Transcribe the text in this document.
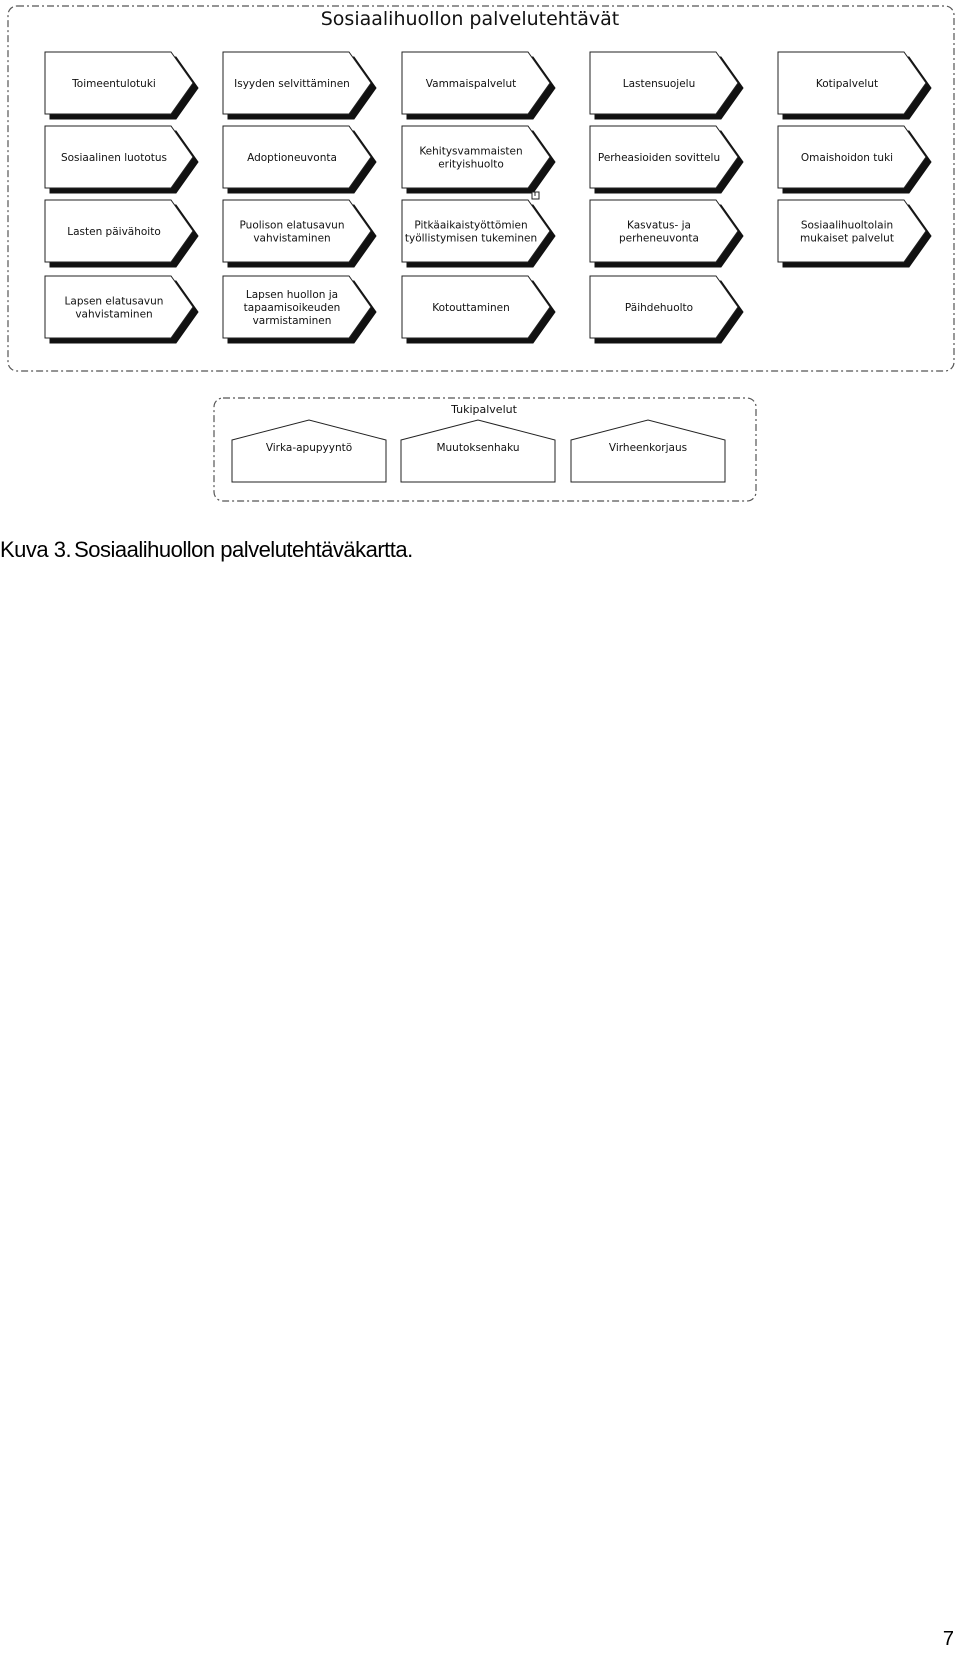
Sosiaalihuollon palvelutehtävät
Toimeentulotuki	Isyyden selvittäminen	Vammaispalvelut	Lastensuojelu	Kotipalvelut
Sosiaalinen luototus	Adoptioneuvonta
Kehitysvammaisten
erityishuolto
Perheasioiden sovittelu	Omaishoidon tuki
Lasten päivähoito
Puolison elatusavun
vahvistaminen
Pitkäaikaistyöttömien
työllistymisen tukeminen
Kasvatus- ja
perheneuvonta
Sosiaalihuoltolain
mukaiset palvelut
Lapsen elatusavun
vahvistaminen
Lapsen huollon ja
tapaamisoikeuden
varmistaminen
Kotouttaminen	Päihdehuolto
Tukipalvelut
Virka-apupyyntö	Muutoksenhaku	Virheenkorjaus
Kuva 3. Sosiaalihuollon palvelutehtäväkartta.
7
